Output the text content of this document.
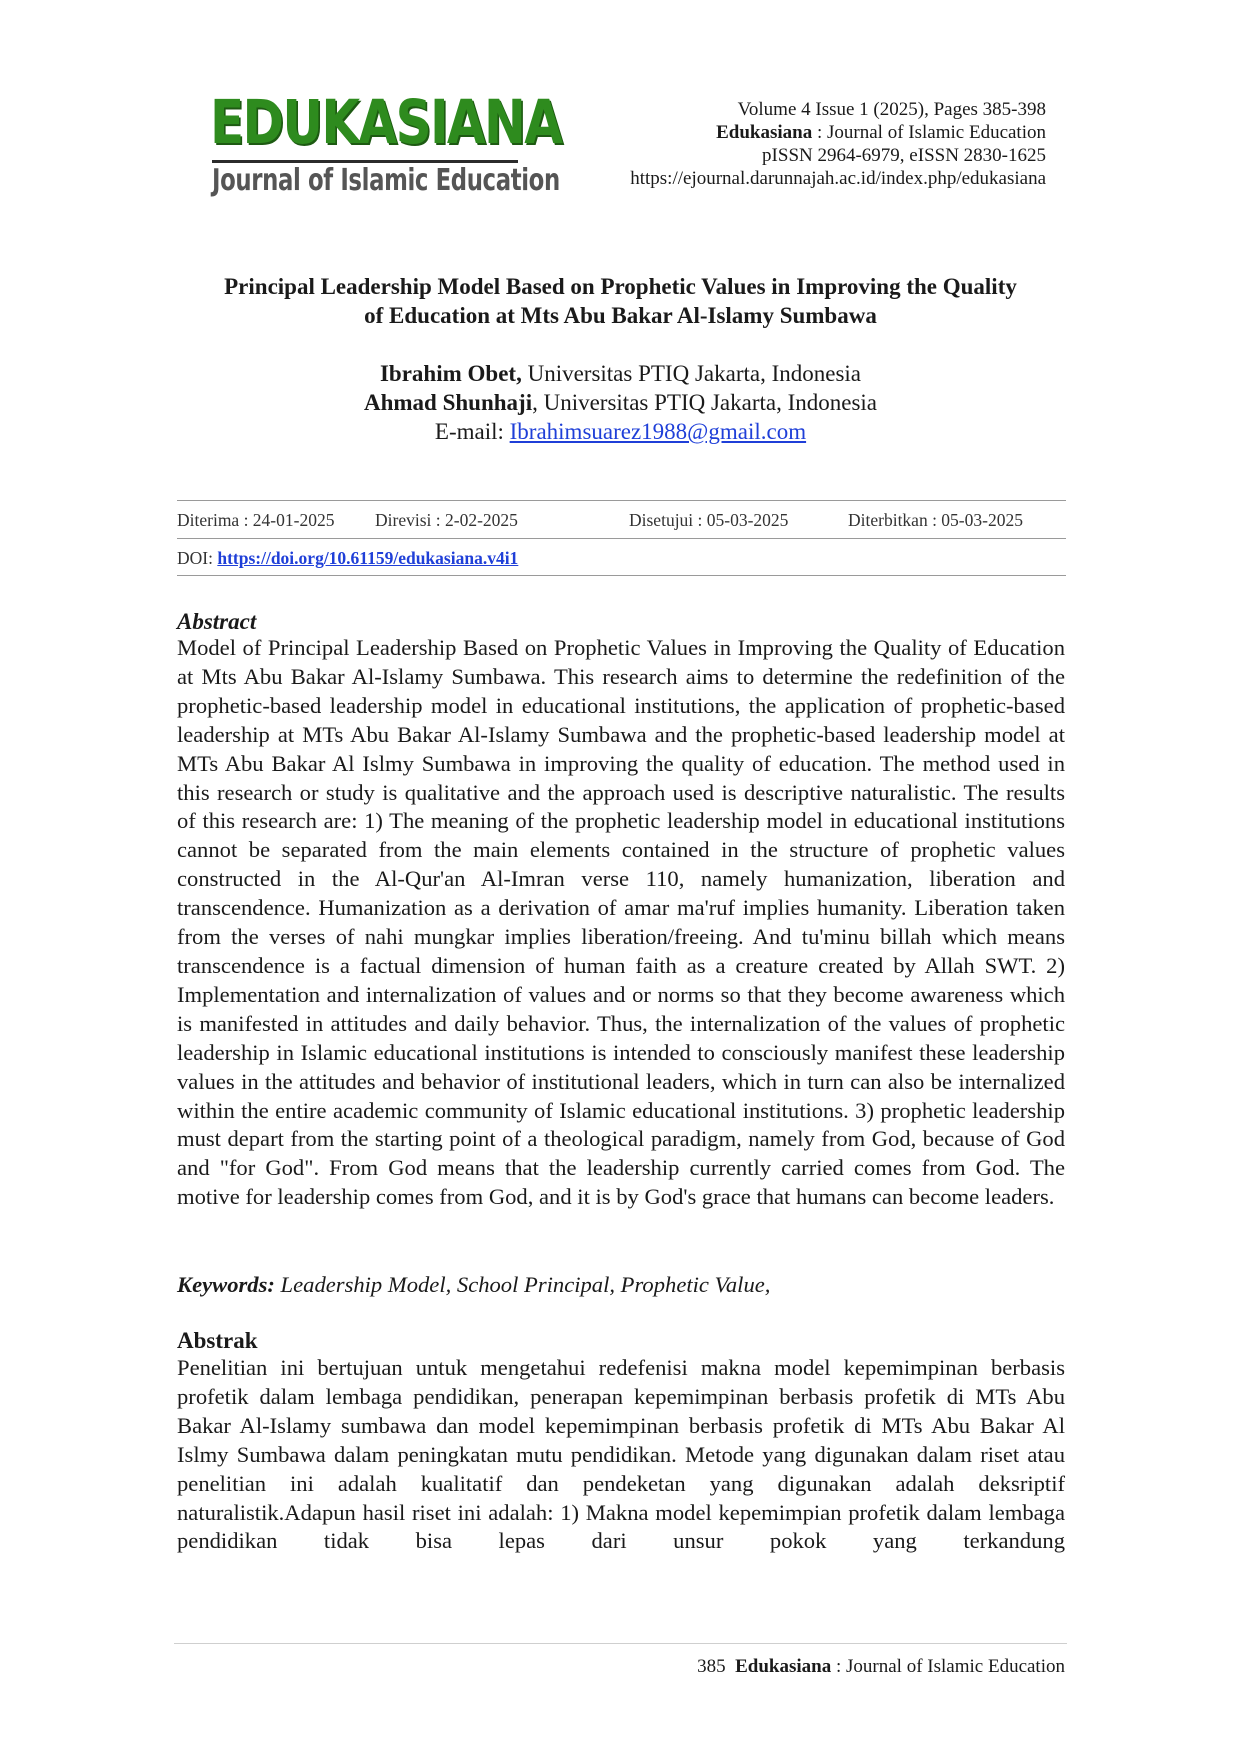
EDUKASIANA
Journal of Islamic Education
Volume 4 Issue 1 (2025), Pages 385-398
Edukasiana : Journal of Islamic Education
pISSN 2964-6979, eISSN 2830-1625
https://ejournal.darunnajah.ac.id/index.php/edukasiana
Principal Leadership Model Based on Prophetic Values in Improving the Quality
of Education at Mts Abu Bakar Al-Islamy Sumbawa
Ibrahim Obet, Universitas PTIQ Jakarta, Indonesia
Ahmad Shunhaji, Universitas PTIQ Jakarta, Indonesia
E-mail: Ibrahimsuarez1988@gmail.com
Diterima : 24-01-2025 Direvisi : 2-02-2025	Disetujui : 05-03-2025	Diterbitkan : 05-03-2025
DOI: https://doi.org/10.61159/edukasiana.v4i1
Abstract

Model of Principal Leadership Based on Prophetic Values in Improving the Quality of Education at Mts Abu Bakar Al-Islamy Sumbawa. This research aims to determine the redefinition of the prophetic-based leadership model in educational institutions, the application of prophetic-based leadership at MTs Abu Bakar Al-Islamy Sumbawa and the prophetic-based leadership model at MTs Abu Bakar Al Islmy Sumbawa in improving the quality of education. The method used in this research or study is qualitative and the approach used is descriptive naturalistic. The results of this research are: 1) The meaning of the prophetic leadership model in educational institutions cannot be separated from the main elements contained in the structure of prophetic values constructed in the Al-Qur'an Al-Imran verse 110, namely humanization, liberation and transcendence. Humanization as a derivation of amar ma'ruf implies humanity. Liberation taken from the verses of nahi mungkar implies liberation/freeing. And tu'minu billah which means transcendence is a factual dimension of human faith as a creature created by Allah SWT. 2) Implementation and internalization of values and or norms so that they become awareness which is manifested in attitudes and daily behavior. Thus, the internalization of the values of prophetic leadership in Islamic educational institutions is intended to consciously manifest these leadership values in the attitudes and behavior of institutional leaders, which in turn can also be internalized within the entire academic community of Islamic educational institutions. 3) prophetic leadership must depart from the starting point of a theological paradigm, namely from God, because of God and "for God". From God means that the leadership currently carried comes from God. The motive for leadership comes from God, and it is by God's grace that humans can become leaders.

Keywords: Leadership Model, School Principal, Prophetic Value,
Abstrak

Penelitian ini bertujuan untuk mengetahui redefenisi makna model kepemimpinan berbasis profetik dalam lembaga pendidikan, penerapan kepemimpinan berbasis profetik di MTs Abu Bakar Al-Islamy sumbawa dan model kepemimpinan berbasis profetik di MTs Abu Bakar Al Islmy Sumbawa dalam peningkatan mutu pendidikan. Metode yang digunakan dalam riset atau penelitian ini adalah kualitatif dan pendeketan yang digunakan adalah deksriptif naturalistik.Adapun hasil riset ini adalah: 1) Makna model kepemimpian profetik dalam lembaga pendidikan tidak bisa lepas dari unsur pokok yang terkandung

385 Edukasiana : Journal of Islamic Education
